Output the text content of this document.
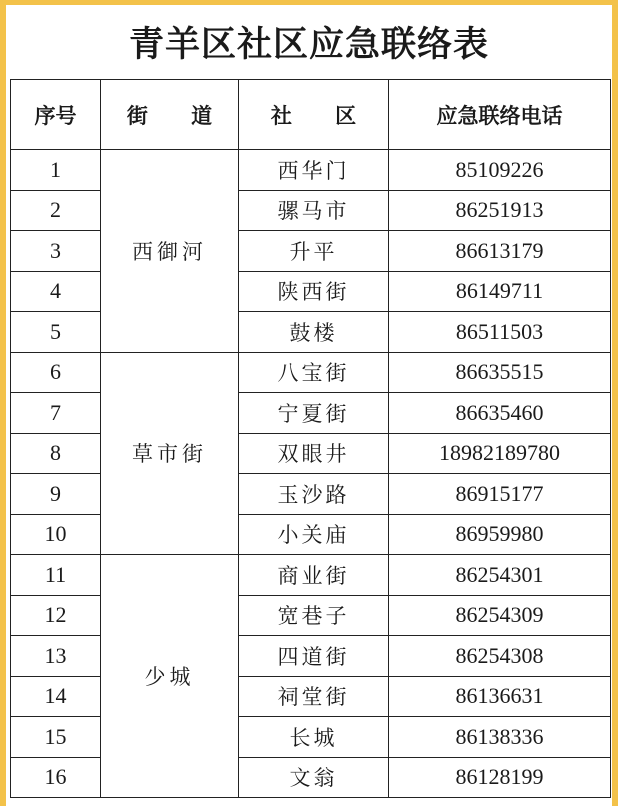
青羊区社区应急联络表
序号	街 道	社 区	应急联络电话
1	西御河	西华门	85109226
2		骡马市	86251913
3		升平	86613179
4		陕西街	86149711
5		鼓楼	86511503
6	草市街	八宝街	86635515
7		宁夏街	86635460
8		双眼井	18982189780
9		玉沙路	86915177
10		小关庙	86959980
11	少城	商业街	86254301
12		宽巷子	86254309
13		四道街	86254308
14		祠堂街	86136631
15		长城	86138336
16		文翁	86128199
